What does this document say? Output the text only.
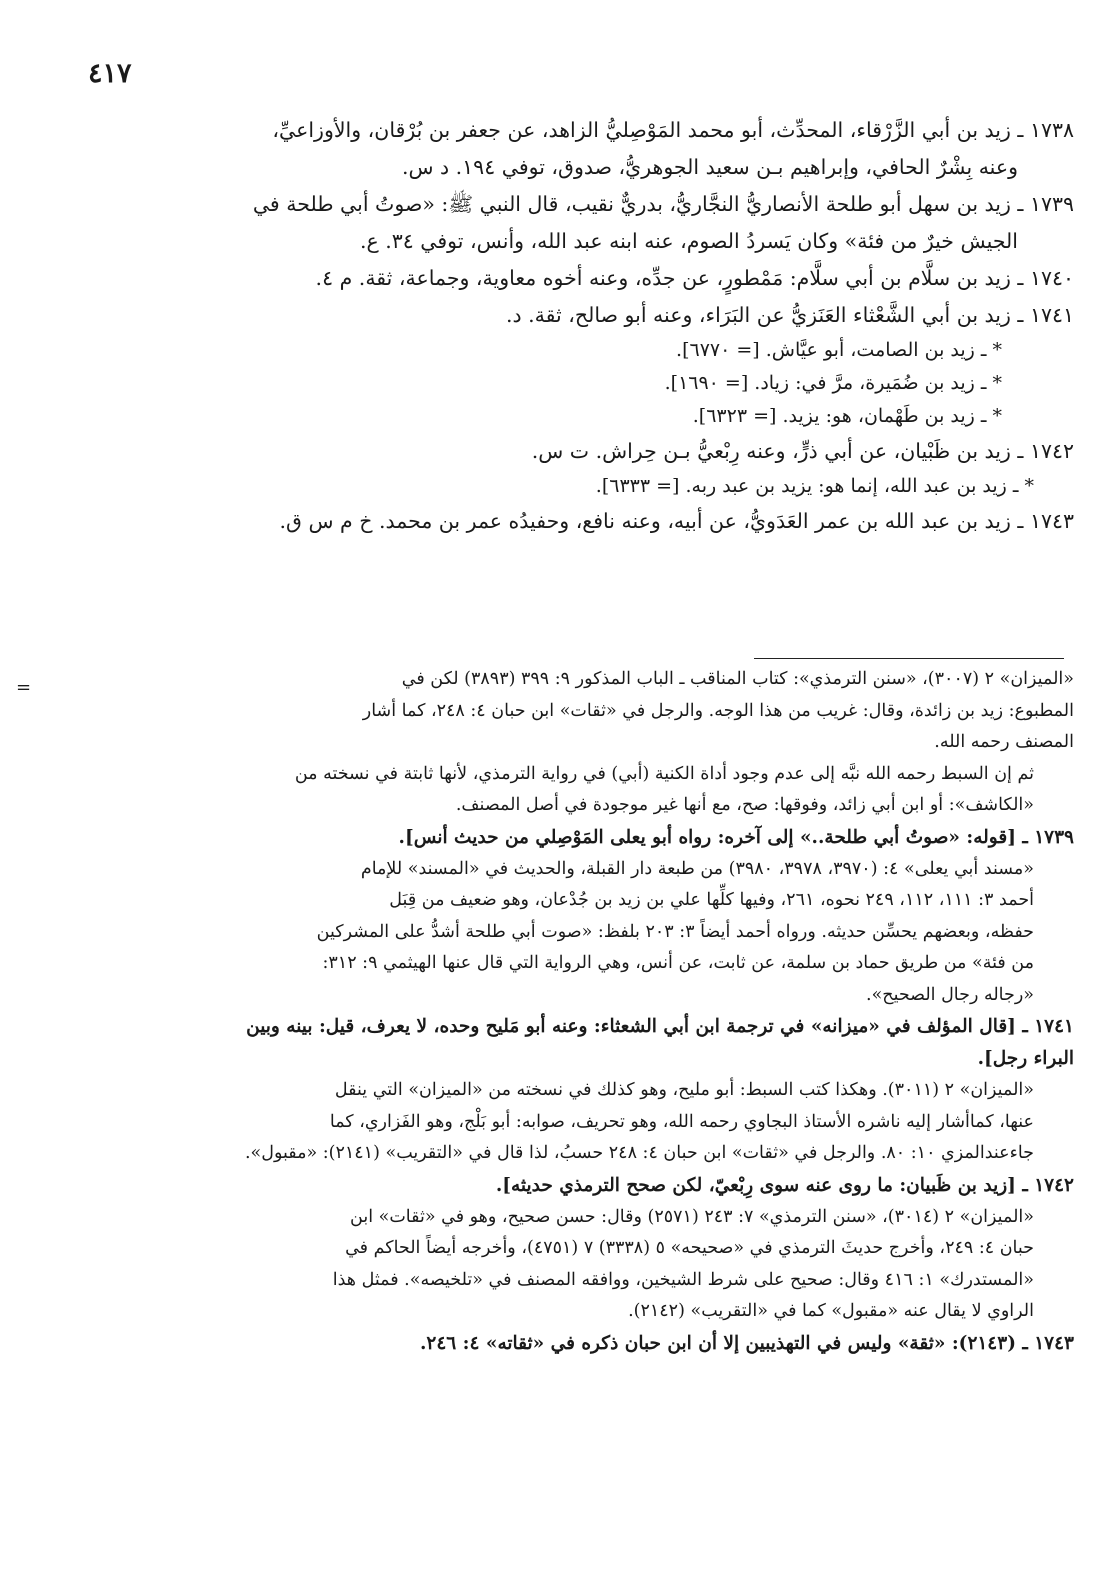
٤١٧
١٧٣٨ ـ زيد بن أبي الزَّرْقاء، المحدِّث، أبو محمد المَوْصِليُّ الزاهد، عن جعفر بن بُرْقان، والأوزاعيِّ،
وعنه بِشْرٌ الحافي، وإبراهيم بـن سعيد الجوهريُّ، صدوق، توفي ١٩٤. د س.
١٧٣٩ ـ زيد بن سهل أبو طلحة الأنصاريُّ النجَّاريُّ، بدريٌّ نقيب، قال النبي ﷺ: «صوتُ أبي طلحة في
الجيش خيرٌ من فئة» وكان يَسردُ الصوم، عنه ابنه عبد الله، وأنس، توفي ٣٤. ع.
١٧٤٠ ـ زيد بن سلَّام بن أبي سلَّام: مَمْطورٍ، عن جدِّه، وعنه أخوه معاوية، وجماعة، ثقة. م ٤.
١٧٤١ ـ زيد بن أبي الشَّعْثاء العَنَزيُّ عن البَرَاء، وعنه أبو صالح، ثقة. د.
* ـ زيد بن الصامت، أبو عيَّاش. [= ٦٧٧٠].
* ـ زيد بن ضُمَيرة، مرَّ في: زياد. [= ١٦٩٠].
* ـ زيد بن طَهْمان، هو: يزيد. [= ٦٣٢٣].
١٧٤٢ ـ زيد بن ظَبْيان، عن أبي ذرٍّ، وعنه رِبْعيُّ بـن حِراش. ت س.
* ـ زيد بن عبد الله، إنما هو: يزيد بن عبد ربه. [= ٦٣٣٣].
١٧٤٣ ـ زيد بن عبد الله بن عمر العَدَويُّ، عن أبيه، وعنه نافع، وحفيدُه عمر بن محمد. خ م س ق.
=	«الميزان» ٢ (٣٠٠٧)، «سنن الترمذي»: كتاب المناقب ـ الباب المذكور ٩: ٣٩٩ (٣٨٩٣) لكن في
المطبوع: زيد بن زائدة، وقال: غريب من هذا الوجه. والرجل في «ثقات» ابن حبان ٤: ٢٤٨، كما أشار
المصنف رحمه الله.
ثم إن السبط رحمه الله نبَّه إلى عدم وجود أداة الكنية (أبي) في رواية الترمذي، لأنها ثابتة في نسخته من
«الكاشف»: أو ابن أبي زائد، وفوقها: صح، مع أنها غير موجودة في أصل المصنف.
١٧٣٩ ـ [قوله: «صوتُ أبي طلحة..» إلى آخره: رواه أبو يعلى المَوْصِلي من حديث أنس].
«مسند أبي يعلى» ٤: (٣٩٧٠، ٣٩٧٨، ٣٩٨٠) من طبعة دار القبلة، والحديث في «المسند» للإمام
أحمد ٣: ١١١، ١١٢، ٢٤٩ نحوه، ٢٦١، وفيها كلِّها علي بن زيد بن جُدْعان، وهو ضعيف من قِبَل
حفظه، وبعضهم يحسِّن حديثه. ورواه أحمد أيضاً ٣: ٢٠٣ بلفظ: «صوت أبي طلحة أشدُّ على المشركين
من فئة» من طريق حماد بن سلمة، عن ثابت، عن أنس، وهي الرواية التي قال عنها الهيثمي ٩: ٣١٢:
«رجاله رجال الصحيح».
١٧٤١ ـ [قال المؤلف في «ميزانه» في ترجمة ابن أبي الشعثاء: وعنه أبو مَليح وحده، لا يعرف، قيل: بينه وبين
البراء رجل].
«الميزان» ٢ (٣٠١١). وهكذا كتب السبط: أبو مليح، وهو كذلك في نسخته من «الميزان» التي ينقل
عنها، كماأشار إليه ناشره الأستاذ البجاوي رحمه الله، وهو تحريف، صوابه: أبو بَلْج، وهو الفَزاري، كما
جاءعندالمزي ١٠: ٨٠. والرجل في «ثقات» ابن حبان ٤: ٢٤٨ حسبُ، لذا قال في «التقريب» (٢١٤١): «مقبول».
١٧٤٢ ـ [زيد بن ظَبيان: ما روى عنه سوى رِبْعيّ، لكن صحح الترمذي حديثه].
«الميزان» ٢ (٣٠١٤)، «سنن الترمذي» ٧: ٢٤٣ (٢٥٧١) وقال: حسن صحيح، وهو في «ثقات» ابن
حبان ٤: ٢٤٩، وأخرج حديثَ الترمذي في «صحيحه» ٥ (٣٣٣٨) ٧ (٤٧٥١)، وأخرجه أيضاً الحاكم في
«المستدرك» ١: ٤١٦ وقال: صحيح على شرط الشيخين، ووافقه المصنف في «تلخيصه». فمثل هذا
الراوي لا يقال عنه «مقبول» كما في «التقريب» (٢١٤٢).
١٧٤٣ ـ (٢١٤٣): «ثقة» وليس في التهذيبين إلا أن ابن حبان ذكره في «ثقاته» ٤: ٢٤٦.
